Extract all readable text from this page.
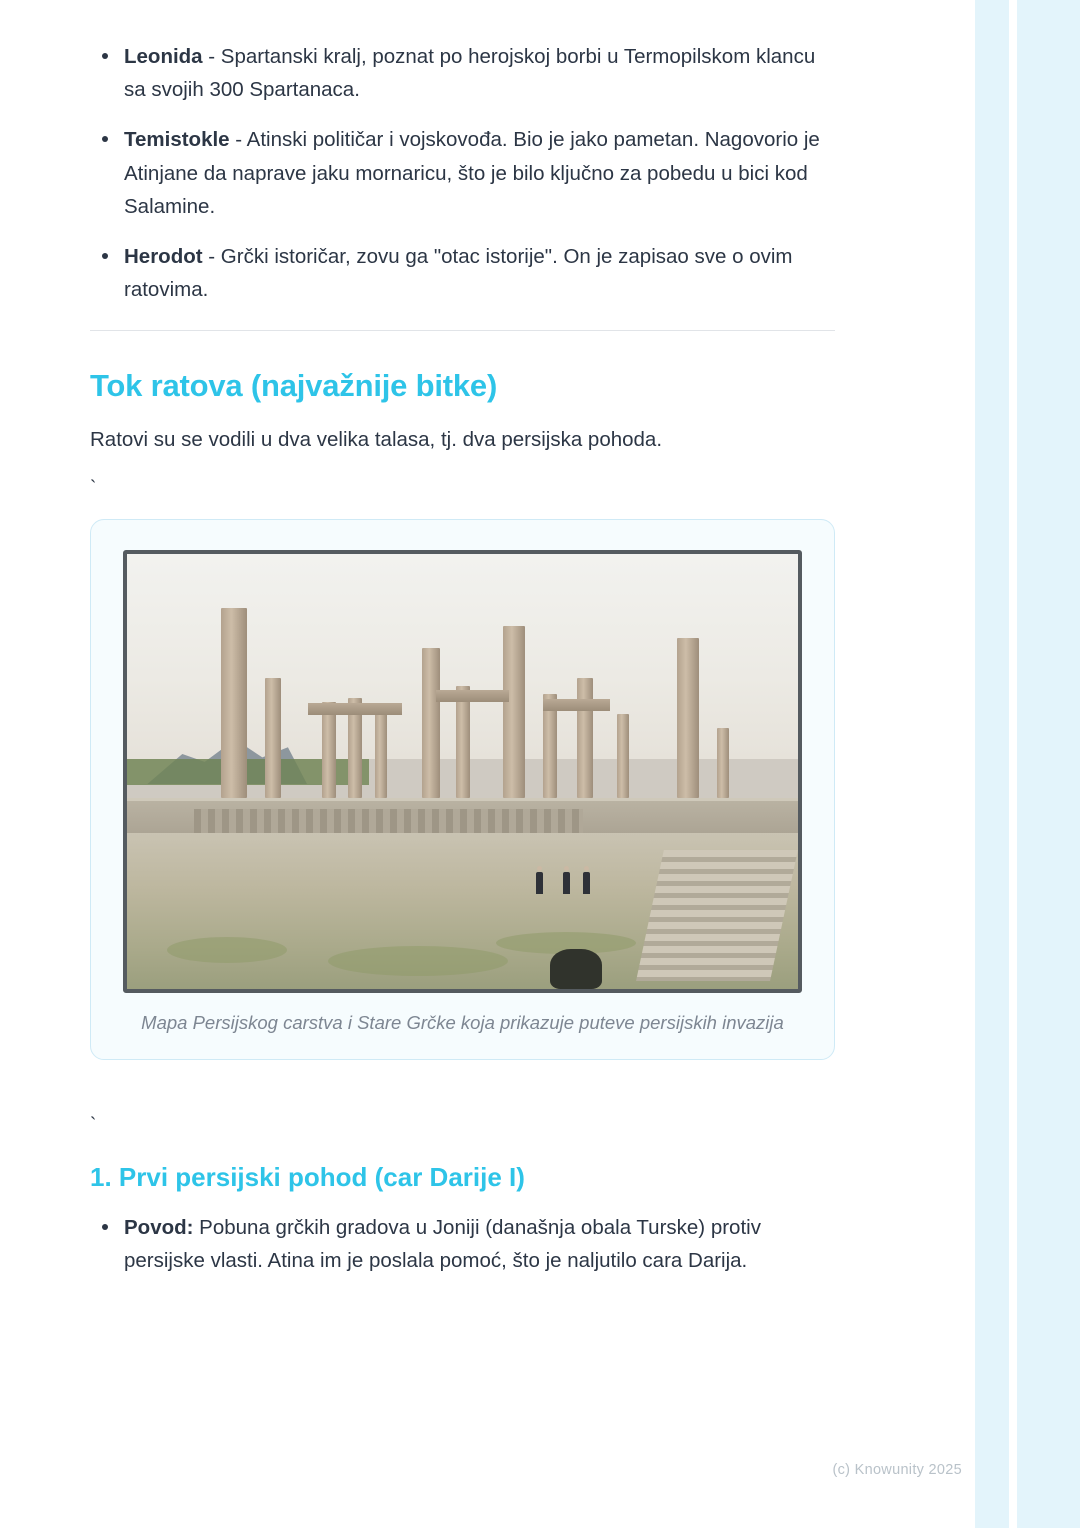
Leonida - Spartanski kralj, poznat po herojskoj borbi u Termopilskom klancu sa svojih 300 Spartanaca.
Temistokle - Atinski političar i vojskovođa. Bio je jako pametan. Nagovorio je Atinjane da naprave jaku mornaricu, što je bilo ključno za pobedu u bici kod Salamine.
Herodot - Grčki istoričar, zovu ga "otac istorije". On je zapisao sve o ovim ratovima.
Tok ratova (najvažnije bitke)

Ratovi su se vodili u dva velika talasa, tj. dva persijska pohoda.

`
Mapa Persijskog carstva i Stare Grčke koja prikazuje puteve persijskih invazija
`
1. Prvi persijski pohod (car Darije I)
Povod: Pobuna grčkih gradova u Joniji (današnja obala Turske) protiv persijske vlasti. Atina im je poslala pomoć, što je naljutilo cara Darija.
(c) Knowunity 2025
